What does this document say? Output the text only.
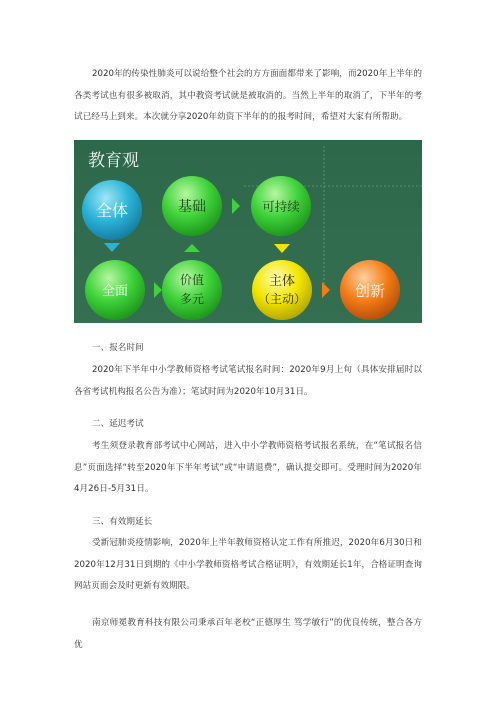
2020年的传染性肺炎可以说给整个社会的方方面面都带来了影响，而2020年上半年的各类考试也有很多被取消，其中教资考试就是被取消的。当然上半年的取消了，下半年的考试已经马上到来。本次就分享2020年幼资下半年的的报考时间，希望对大家有所帮助。

教育观
全体	基础	可持续
全面
价值
多元
主体
（主动）	创新

一、报名时间

2020年下半年中小学教师资格考试笔试报名时间：2020年9月上旬（具体安排届时以各省考试机构报名公告为准）；笔试时间为2020年10月31日。

二、延迟考试

考生须登录教育部考试中心网站，进入中小学教师资格考试报名系统，在“笔试报名信息”页面选择“转至2020年下半年考试”或“申请退费”，确认提交即可。受理时间为2020年4月26日-5月31日。

三、有效期延长

受新冠肺炎疫情影响，2020年上半年教师资格认定工作有所推迟，2020年6月30日和2020年12月31日到期的《中小学教师资格考试合格证明》，有效期延长1年，合格证明查询网站页面会及时更新有效期限。

南京师冕教育科技有限公司秉承百年老校“正德厚生 笃学敏行”的优良传统，整合各方优
